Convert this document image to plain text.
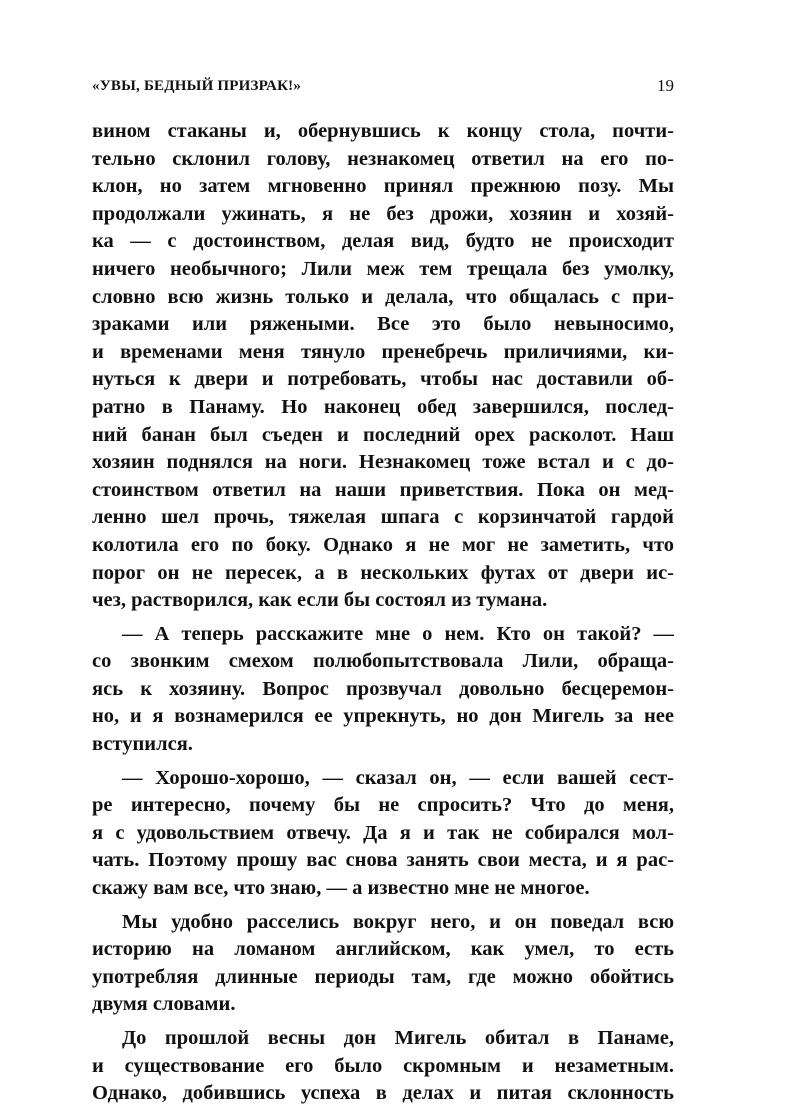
«УВЫ, БЕДНЫЙ ПРИЗРАК!»	19
вином стаканы и, обернувшись к концу стола, почти-
тельно склонил голову, незнакомец ответил на его по-
клон, но затем мгновенно принял прежнюю позу. Мы
продолжали ужинать, я не без дрожи, хозяин и хозяй-
ка — с достоинством, делая вид, будто не происходит
ничего необычного; Лили меж тем трещала без умолку,
словно всю жизнь только и делала, что общалась с при-
зраками или ряжеными. Все это было невыносимо,
и временами меня тянуло пренебречь приличиями, ки-
нуться к двери и потребовать, чтобы нас доставили об-
ратно в Панаму. Но наконец обед завершился, послед-
ний банан был съеден и последний орех расколот. Наш
хозяин поднялся на ноги. Незнакомец тоже встал и с до-
стоинством ответил на наши приветствия. Пока он мед-
ленно шел прочь, тяжелая шпага с корзинчатой гардой
колотила его по боку. Однако я не мог не заметить, что
порог он не пересек, а в нескольких футах от двери ис-
чез, растворился, как если бы состоял из тумана.
— А теперь расскажите мне о нем. Кто он такой? —
со звонким смехом полюбопытствовала Лили, обраща-
ясь к хозяину. Вопрос прозвучал довольно бесцеремон-
но, и я вознамерился ее упрекнуть, но дон Мигель за нее
вступился.
— Хорошо-хорошо, — сказал он, — если вашей сест-
ре интересно, почему бы не спросить? Что до меня,
я с удовольствием отвечу. Да я и так не собирался мол-
чать. Поэтому прошу вас снова занять свои места, и я рас-
скажу вам все, что знаю, — а известно мне не многое.
Мы удобно расселись вокруг него, и он поведал всю
историю на ломаном английском, как умел, то есть
употребляя длинные периоды там, где можно обойтись
двумя словами.
До прошлой весны дон Мигель обитал в Панаме,
и существование его было скромным и незаметным.
Однако, добившись успеха в делах и питая склонность
